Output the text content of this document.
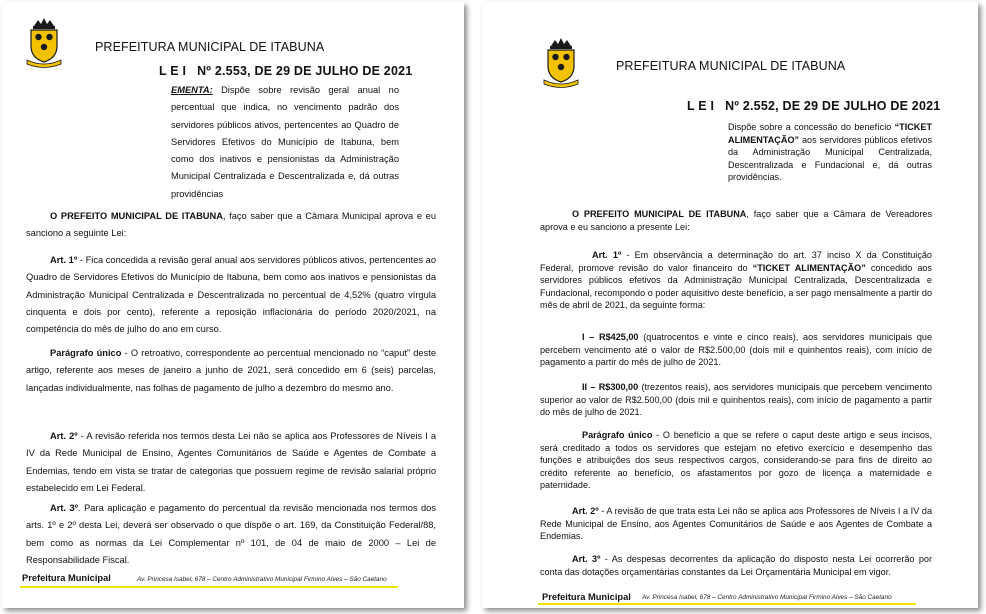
PREFEITURA MUNICIPAL DE ITABUNA
L E I   Nº 2.553, DE 29 DE JULHO DE 2021

EMENTA: Dispõe sobre revisão geral anual no percentual que indica, no vencimento padrão dos servidores públicos ativos, pertencentes ao Quadro de Servidores Efetivos do Município de Itabuna, bem como dos inativos e pensionistas da Administração Municipal Centralizada e Descentralizada e, dá outras providências

O PREFEITO MUNICIPAL DE ITABUNA, faço saber que a Câmara Municipal aprova e eu sanciono a seguinte Lei:

Art. 1º - Fica concedida a revisão geral anual aos servidores públicos ativos, pertencentes ao Quadro de Servidores Efetivos do Município de Itabuna, bem como aos inativos e pensionistas da Administração Municipal Centralizada e Descentralizada no percentual de 4,52% (quatro vírgula cinquenta e dois por cento), referente a reposição inflacionária do período 2020/2021, na competência do mês de julho do ano em curso.

Parágrafo único - O retroativo, correspondente ao percentual mencionado no “caput” deste artigo, referente aos meses de janeiro a junho de 2021, será concedido em 6 (seis) parcelas, lançadas individualmente, nas folhas de pagamento de julho a dezembro do mesmo ano.

Art. 2º - A revisão referida nos termos desta Lei não se aplica aos Professores de Níveis I a IV da Rede Municipal de Ensino, Agentes Comunitários de Saúde e Agentes de Combate a Endemias, tendo em vista se tratar de categorias que possuem regime de revisão salarial próprio estabelecido em Lei Federal.

Art. 3º. Para aplicação e pagamento do percentual da revisão mencionada nos termos dos arts. 1º e 2º desta Lei, deverá ser observado o que dispõe o art. 169, da Constituição Federal/88, bem como as normas da Lei Complementar nº 101, de 04 de maio de 2000 – Lei de Responsabilidade Fiscal.

Prefeitura Municipal	Av. Princesa Isabel, 678 – Centro Administrativo Municipal Firmino Alves – São Caetano
PREFEITURA MUNICIPAL DE ITABUNA
L E I   Nº 2.552, DE 29 DE JULHO DE 2021

Dispõe sobre a concessão do benefício “TICKET ALIMENTAÇÃO” aos servidores públicos efetivos da Administração Municipal Centralizada, Descentralizada e Fundacional e, dá outras providências.

O PREFEITO MUNICIPAL DE ITABUNA, faço saber que a Câmara de Vereadores aprova e eu sanciono a presente Lei:

Art. 1º - Em observância a determinação do art. 37 inciso X da Constituição Federal, promove revisão do valor financeiro do “TICKET ALIMENTAÇÃO” concedido aos servidores públicos efetivos da Administração Municipal Centralizada, Descentralizada e Fundacional, recompondo o poder aquisitivo deste benefício, a ser pago mensalmente a partir do mês de abril de 2021, da seguinte forma:

I – R$425,00 (quatrocentos e vinte e cinco reais), aos servidores municipais que percebem vencimento até o valor de R$2.500,00 (dois mil e quinhentos reais), com início de pagamento a partir do mês de julho de 2021.

II – R$300,00 (trezentos reais), aos servidores municipais que percebem vencimento superior ao valor de R$2.500,00 (dois mil e quinhentos reais), com início de pagamento a partir do mês de julho de 2021.

Parágrafo único - O benefício a que se refere o caput deste artigo e seus incisos, será creditado a todos os servidores que estejam no efetivo exercício e desempenho das funções e atribuições dos seus respectivos cargos, considerando-se para fins de direito ao crédito referente ao benefício, os afastamentos por gozo de licença a maternidade e paternidade.

Art. 2º - A revisão de que trata esta Lei não se aplica aos Professores de Níveis I a IV da Rede Municipal de Ensino, aos Agentes Comunitários de Saúde e aos Agentes de Combate a Endemias.

Art. 3º - As despesas decorrentes da aplicação do disposto nesta Lei ocorrerão por conta das dotações orçamentárias constantes da Lei Orçamentária Municipal em vigor.

Prefeitura Municipal Av. Princesa Isabel, 678 – Centro Administrativo Municipal Firmino Alves – São Caetano
